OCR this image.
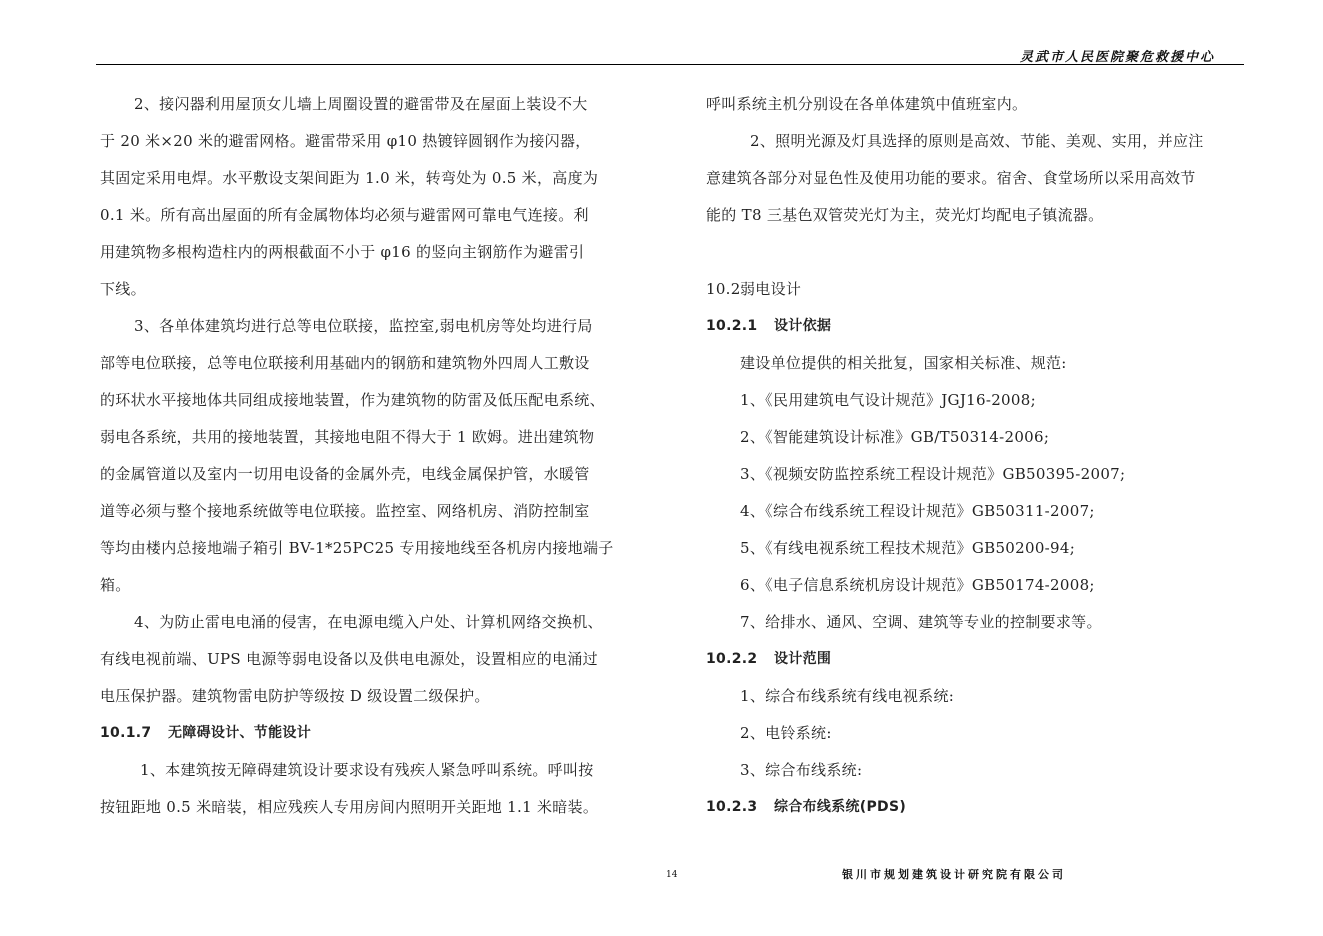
灵武市人民医院聚危救援中心
2、接闪器利用屋顶女儿墙上周圈设置的避雷带及在屋面上装设不大
于 20 米×20 米的避雷网格。避雷带采用 φ10 热镀锌圆钢作为接闪器，
其固定采用电焊。水平敷设支架间距为 1.0 米，转弯处为 0.5 米，高度为
0.1 米。所有高出屋面的所有金属物体均必须与避雷网可靠电气连接。利
用建筑物多根构造柱内的两根截面不小于 φ16 的竖向主钢筋作为避雷引
下线。
3、各单体建筑均进行总等电位联接，监控室,弱电机房等处均进行局
部等电位联接，总等电位联接利用基础内的钢筋和建筑物外四周人工敷设
的环状水平接地体共同组成接地装置，作为建筑物的防雷及低压配电系统、
弱电各系统，共用的接地装置，其接地电阻不得大于 1 欧姆。进出建筑物
的金属管道以及室内一切用电设备的金属外壳，电线金属保护管，水暖管
道等必须与整个接地系统做等电位联接。监控室、网络机房、消防控制室
等均由楼内总接地端子箱引 BV-1*25PC25 专用接地线至各机房内接地端子
箱。
4、为防止雷电电涌的侵害，在电源电缆入户处、计算机网络交换机、
有线电视前端、UPS 电源等弱电设备以及供电电源处，设置相应的电涌过
电压保护器。建筑物雷电防护等级按 D 级设置二级保护。
10.1.7 无障碍设计、节能设计
1、本建筑按无障碍建筑设计要求设有残疾人紧急呼叫系统。呼叫按
按钮距地 0.5 米暗装，相应残疾人专用房间内照明开关距地 1.1 米暗装。
呼叫系统主机分别设在各单体建筑中值班室内。
2、照明光源及灯具选择的原则是高效、节能、美观、实用，并应注
意建筑各部分对显色性及使用功能的要求。宿舍、食堂场所以采用高效节
能的 T8 三基色双管荧光灯为主，荧光灯均配电子镇流器。
10.2弱电设计
10.2.1 设计依据
建设单位提供的相关批复，国家相关标准、规范:
1、《民用建筑电气设计规范》JGJ16-2008;
2、《智能建筑设计标准》GB/T50314-2006;
3、《视频安防监控系统工程设计规范》GB50395-2007;
4、《综合布线系统工程设计规范》GB50311-2007;
5、《有线电视系统工程技术规范》GB50200-94;
6、《电子信息系统机房设计规范》GB50174-2008;
7、给排水、通风、空调、建筑等专业的控制要求等。
10.2.2 设计范围
1、综合布线系统有线电视系统:
2、电铃系统:
3、综合布线系统:
10.2.3 综合布线系统(PDS)
14	银川市规划建筑设计研究院有限公司
